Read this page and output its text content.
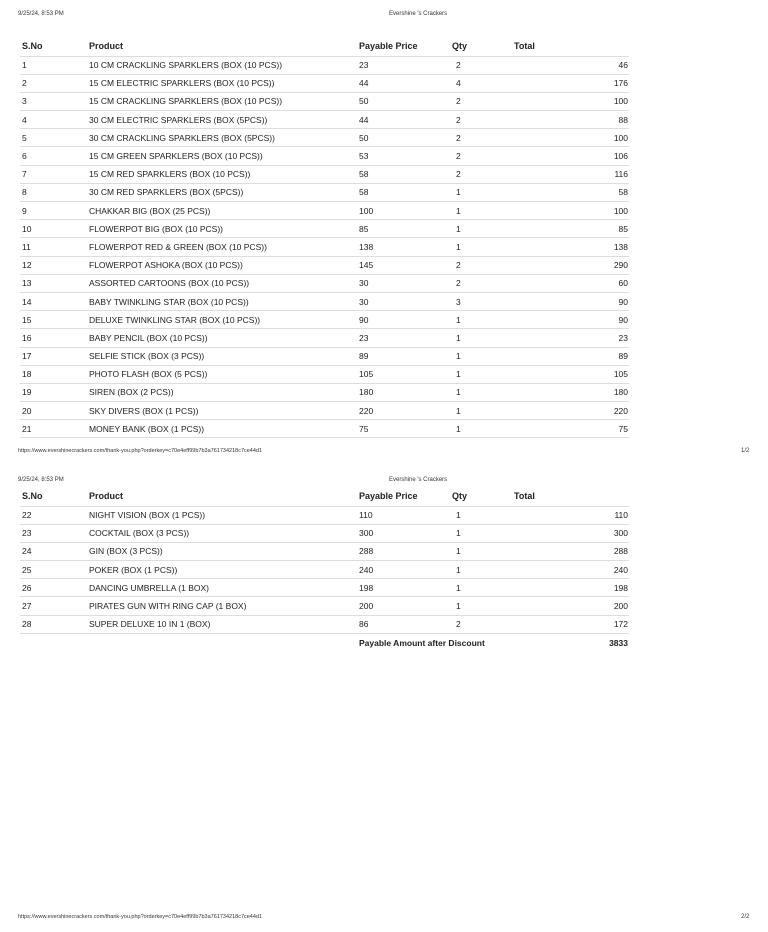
9/25/24, 8:53 PM	Evershine 's Crackers
S.No	Product	Payable Price	Qty	Total
1	10 CM CRACKLING SPARKLERS (BOX (10 PCS))	23	2	46
2	15 CM ELECTRIC SPARKLERS (BOX (10 PCS))	44	4	176
3	15 CM CRACKLING SPARKLERS (BOX (10 PCS))	50	2	100
4	30 CM ELECTRIC SPARKLERS (BOX (5PCS))	44	2	88
5	30 CM CRACKLING SPARKLERS (BOX (5PCS))	50	2	100
6	15 CM GREEN SPARKLERS (BOX (10 PCS))	53	2	106
7	15 CM RED SPARKLERS (BOX (10 PCS))	58	2	116
8	30 CM RED SPARKLERS (BOX (5PCS))	58	1	58
9	CHAKKAR BIG (BOX (25 PCS))	100	1	100
10	FLOWERPOT BIG (BOX (10 PCS))	85	1	85
11	FLOWERPOT RED & GREEN (BOX (10 PCS))	138	1	138
12	FLOWERPOT ASHOKA (BOX (10 PCS))	145	2	290
13	ASSORTED CARTOONS (BOX (10 PCS))	30	2	60
14	BABY TWINKLING STAR (BOX (10 PCS))	30	3	90
15	DELUXE TWINKLING STAR (BOX (10 PCS))	90	1	90
16	BABY PENCIL (BOX (10 PCS))	23	1	23
17	SELFIE STICK (BOX (3 PCS))	89	1	89
18	PHOTO FLASH (BOX (5 PCS))	105	1	105
19	SIREN (BOX (2 PCS))	180	1	180
20	SKY DIVERS (BOX (1 PCS))	220	1	220
21	MONEY BANK (BOX (1 PCS))	75	1	75
https://www.evershinecrackers.com/thank-you.php?orderkey=c70e4eff99b7b3a761734218c7ce44d1	1/2
9/25/24, 8:53 PM	Evershine 's Crackers
S.No	Product	Payable Price	Qty	Total
22	NIGHT VISION (BOX (1 PCS))	110	1	110
23	COCKTAIL (BOX (3 PCS))	300	1	300
24	GIN (BOX (3 PCS))	288	1	288
25	POKER (BOX (1 PCS))	240	1	240
26	DANCING UMBRELLA (1 BOX)	198	1	198
27	PIRATES GUN WITH RING CAP (1 BOX)	200	1	200
28	SUPER DELUXE 10 IN 1 (BOX)	86	2	172
		Payable Amount after Discount		3833
https://www.evershinecrackers.com/thank-you.php?orderkey=c70e4eff99b7b3a761734218c7ce44d1	2/2
